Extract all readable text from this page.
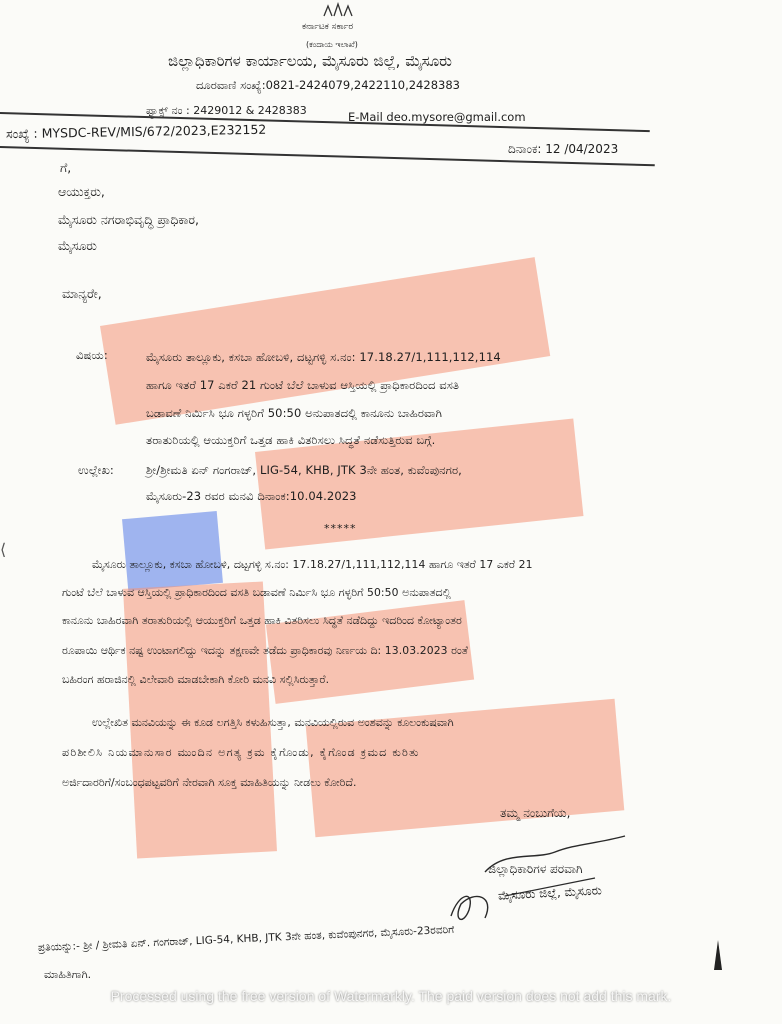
ಕರ್ನಾಟಕ ಸರ್ಕಾರ
(ಕಂದಾಯ ಇಲಾಖೆ)
ಜಿಲ್ಲಾಧಿಕಾರಿಗಳ ಕಾರ್ಯಾಲಯ, ಮೈಸೂರು ಜಿಲ್ಲೆ, ಮೈಸೂರು
ದೂರವಾಣಿ ಸಂಖ್ಯೆ:0821-2424079,2422110,2428383
ಫ್ಯಾಕ್ಸ್ ನಂ : 2429012 & 2428383	E-Mail deo.mysore@gmail.com
ಸಂಖ್ಯೆ : MYSDC-REV/MIS/672/2023,E232152
ದಿನಾಂಕ: 12 /04/2023
ಗೆ,
ಆಯುಕ್ತರು,
ಮೈಸೂರು ನಗರಾಭಿವೃದ್ಧಿ ಪ್ರಾಧಿಕಾರ,
ಮೈಸೂರು
ಮಾನ್ಯರೇ,
ವಿಷಯ:	ಮೈಸೂರು ತಾಲ್ಲೂಕು, ಕಸಬಾ ಹೋಬಳಿ, ದಟ್ಟಗಳ್ಳಿ ಸ.ನಂ: 17.18.27/1,111,112,114
ಹಾಗೂ ಇತರೆ 17 ಎಕರೆ 21 ಗುಂಟೆ ಬೆಲೆ ಬಾಳುವ ಆಸ್ತಿಯಲ್ಲಿ ಪ್ರಾಧಿಕಾರದಿಂದ ವಸತಿ
ಬಡಾವಣೆ ನಿರ್ಮಿಸಿ ಭೂ ಗಳ್ಳರಿಗೆ 50:50 ಅನುಪಾತದಲ್ಲಿ ಕಾನೂನು ಬಾಹಿರವಾಗಿ
ತರಾತುರಿಯಲ್ಲಿ ಆಯುಕ್ತರಿಗೆ ಒತ್ತಡ ಹಾಕಿ ವಿತರಿಸಲು ಸಿದ್ಧತೆ ನಡೆಸುತ್ತಿರುವ ಬಗ್ಗೆ.
ಉಲ್ಲೇಖ:	ಶ್ರೀ/ಶ್ರೀಮತಿ ಏನ್ ಗಂಗರಾಜ್, LIG-54, KHB, JTK 3ನೇ ಹಂತ, ಕುವೆಂಪುನಗರ,
ಮೈಸೂರು-23 ರವರ ಮನವಿ ದಿನಾಂಕ:10.04.2023
*****
ಮೈಸೂರು ತಾಲ್ಲೂಕು, ಕಸಬಾ ಹೋಬಳಿ, ದಟ್ಟಗಳ್ಳಿ ಸ.ನಂ: 17.18.27/1,111,112,114 ಹಾಗೂ ಇತರೆ 17 ಎಕರೆ 21
ಗುಂಟೆ ಬೆಲೆ ಬಾಳುವ ಆಸ್ತಿಯಲ್ಲಿ ಪ್ರಾಧಿಕಾರದಿಂದ ವಸತಿ ಬಡಾವಣೆ ನಿರ್ಮಿಸಿ ಭೂ ಗಳ್ಳರಿಗೆ 50:50 ಅನುಪಾತದಲ್ಲಿ
ಕಾನೂನು ಬಾಹಿರವಾಗಿ ತರಾತುರಿಯಲ್ಲಿ ಆಯುಕ್ತರಿಗೆ ಒತ್ತಡ ಹಾಕಿ ವಿತರಿಸಲು ಸಿದ್ಧತೆ ನಡೆದಿದ್ದು ಇದರಿಂದ ಕೋಟ್ಯಾಂತರ
ರೂಪಾಯಿ ಆರ್ಥಿಕ ನಷ್ಟ ಉಂಟಾಗಲಿದ್ದು ಇದನ್ನು ತಕ್ಷಣವೇ ತಡೆದು ಪ್ರಾಧಿಕಾರವು ನಿರ್ಣಯ ದಿ: 13.03.2023 ರಂತೆ
ಬಹಿರಂಗ ಹರಾಜಿನಲ್ಲಿ ವಿಲೇವಾರಿ ಮಾಡಬೇಕಾಗಿ ಕೋರಿ ಮನವಿ ಸಲ್ಲಿಸಿರುತ್ತಾರೆ.
ಉಲ್ಲೇಖಿತ ಮನವಿಯನ್ನು ಈ ಕೂಡ ಲಗತ್ತಿಸಿ ಕಳುಹಿಸುತ್ತಾ, ಮನವಿಯಲ್ಲಿರುವ ಅಂಶವನ್ನು ಕೂಲಂಕುಷವಾಗಿ
ಪರಿಶೀಲಿಸಿ ನಿಯಮಾನುಸಾರ ಮುಂದಿನ ಅಗತ್ಯ ಕ್ರಮ ಕೈಗೊಂಡು, ಕೈಗೊಂಡ ಕ್ರಮದ ಕುರಿತು
ಅರ್ಜಿದಾರರಿಗೆ/ಸಂಬಂಧಪಟ್ಟವರಿಗೆ ನೇರವಾಗಿ ಸೂಕ್ತ ಮಾಹಿತಿಯನ್ನು ನೀಡಲು ಕೋರಿದೆ.
ತಮ್ಮ ನಂಬುಗೆಯ,
ಜಿಲ್ಲಾಧಿಕಾರಿಗಳ ಪರವಾಗಿ
ಮೈಸೂರು ಜಿಲ್ಲೆ, ಮೈಸೂರು
ಪ್ರತಿಯನ್ನು:- ಶ್ರೀ / ಶ್ರೀಮತಿ ಏನ್. ಗಂಗರಾಜ್, LIG-54, KHB, JTK 3ನೇ ಹಂತ, ಕುವೆಂಪುನಗರ, ಮೈಸೂರು-23ರವರಿಗೆ
ಮಾಹಿತಿಗಾಗಿ.
⟨
Processed using the free version of Watermarkly. The paid version does not add this mark.
